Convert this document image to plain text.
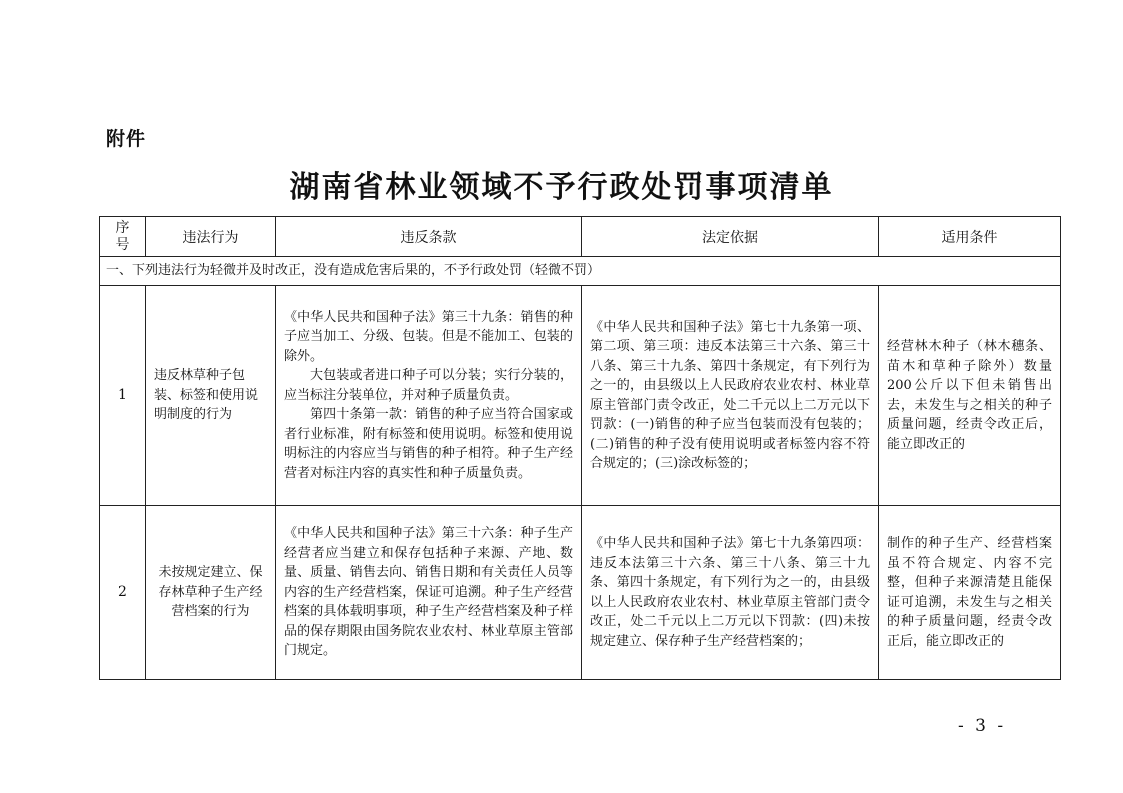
附件
湖南省林业领域不予行政处罚事项清单
序号	违法行为	违反条款	法定依据	适用条件
一、下列违法行为轻微并及时改正，没有造成危害后果的，不予行政处罚（轻微不罚）				
1	违反林草种子包装、标签和使用说明制度的行为	《中华人民共和国种子法》第三十九条：销售的种子应当加工、分级、包装。但是不能加工、包装的除外。
大包装或者进口种子可以分装；实行分装的，应当标注分装单位，并对种子质量负责。
第四十条第一款：销售的种子应当符合国家或者行业标准，附有标签和使用说明。标签和使用说明标注的内容应当与销售的种子相符。种子生产经营者对标注内容的真实性和种子质量负责。	《中华人民共和国种子法》第七十九条第一项、第二项、第三项：违反本法第三十六条、第三十八条、第三十九条、第四十条规定，有下列行为之一的，由县级以上人民政府农业农村、林业草原主管部门责令改正，处二千元以上二万元以下罚款：(一)销售的种子应当包装而没有包装的；(二)销售的种子没有使用说明或者标签内容不符合规定的；(三)涂改标签的；	经营林木种子（林木穗条、苗木和草种子除外）数量200公斤以下但未销售出去，未发生与之相关的种子质量问题，经责令改正后，能立即改正的
2	未按规定建立、保存林草种子生产经营档案的行为	《中华人民共和国种子法》第三十六条：种子生产经营者应当建立和保存包括种子来源、产地、数量、质量、销售去向、销售日期和有关责任人员等内容的生产经营档案，保证可追溯。种子生产经营档案的具体载明事项，种子生产经营档案及种子样品的保存期限由国务院农业农村、林业草原主管部门规定。	《中华人民共和国种子法》第七十九条第四项：违反本法第三十六条、第三十八条、第三十九条、第四十条规定，有下列行为之一的，由县级以上人民政府农业农村、林业草原主管部门责令改正，处二千元以上二万元以下罚款：(四)未按规定建立、保存种子生产经营档案的；	制作的种子生产、经营档案虽不符合规定、内容不完整，但种子来源清楚且能保证可追溯，未发生与之相关的种子质量问题，经责令改正后，能立即改正的
- 3 -
